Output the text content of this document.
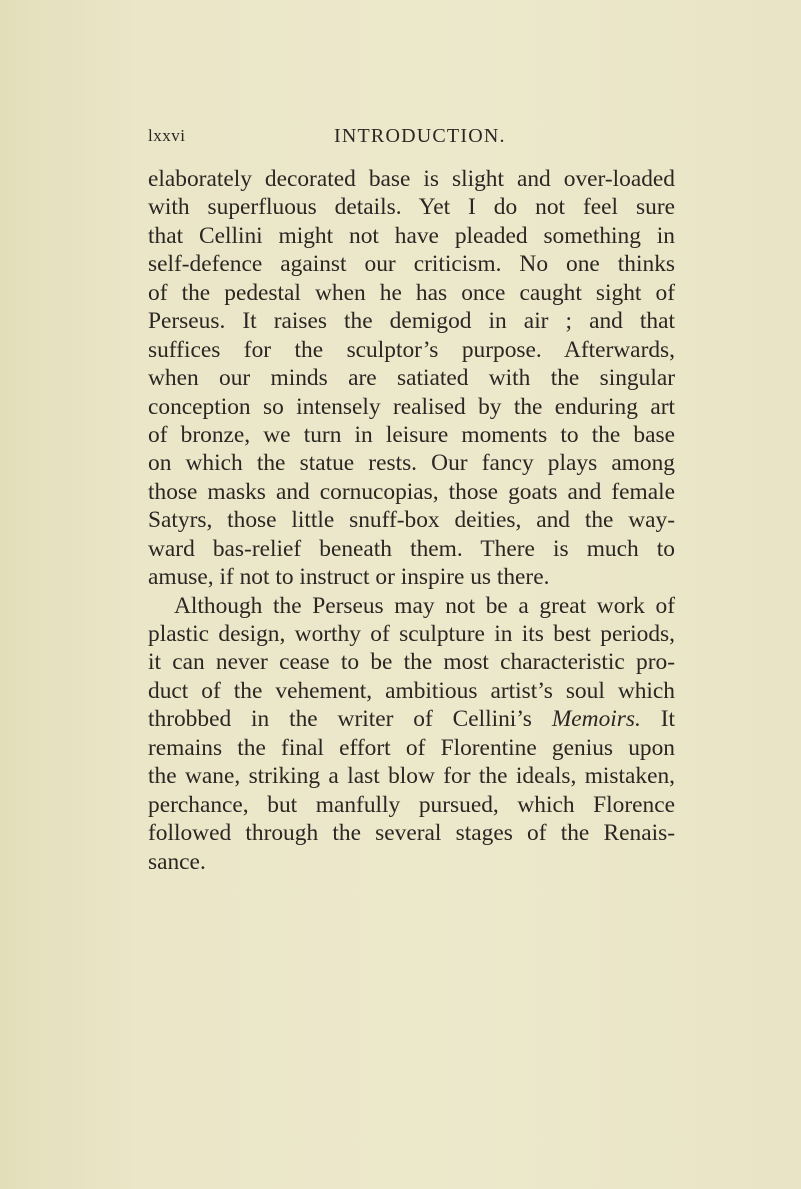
lxxvi	INTRODUCTION.
elaborately decorated base is slight and over-loaded
with superfluous details. Yet I do not feel sure
that Cellini might not have pleaded something in
self-defence against our criticism. No one thinks
of the pedestal when he has once caught sight of
Perseus. It raises the demigod in air ; and that
suffices for the sculptor’s purpose. Afterwards,
when our minds are satiated with the singular
conception so intensely realised by the enduring art
of bronze, we turn in leisure moments to the base
on which the statue rests. Our fancy plays among
those masks and cornucopias, those goats and female
Satyrs, those little snuff-box deities, and the way-
ward bas-relief beneath them. There is much to
amuse, if not to instruct or inspire us there.
Although the Perseus may not be a great work of
plastic design, worthy of sculpture in its best periods,
it can never cease to be the most characteristic pro-
duct of the vehement, ambitious artist’s soul which
throbbed in the writer of Cellini’s Memoirs. It
remains the final effort of Florentine genius upon
the wane, striking a last blow for the ideals, mistaken,
perchance, but manfully pursued, which Florence
followed through the several stages of the Renais-
sance.
